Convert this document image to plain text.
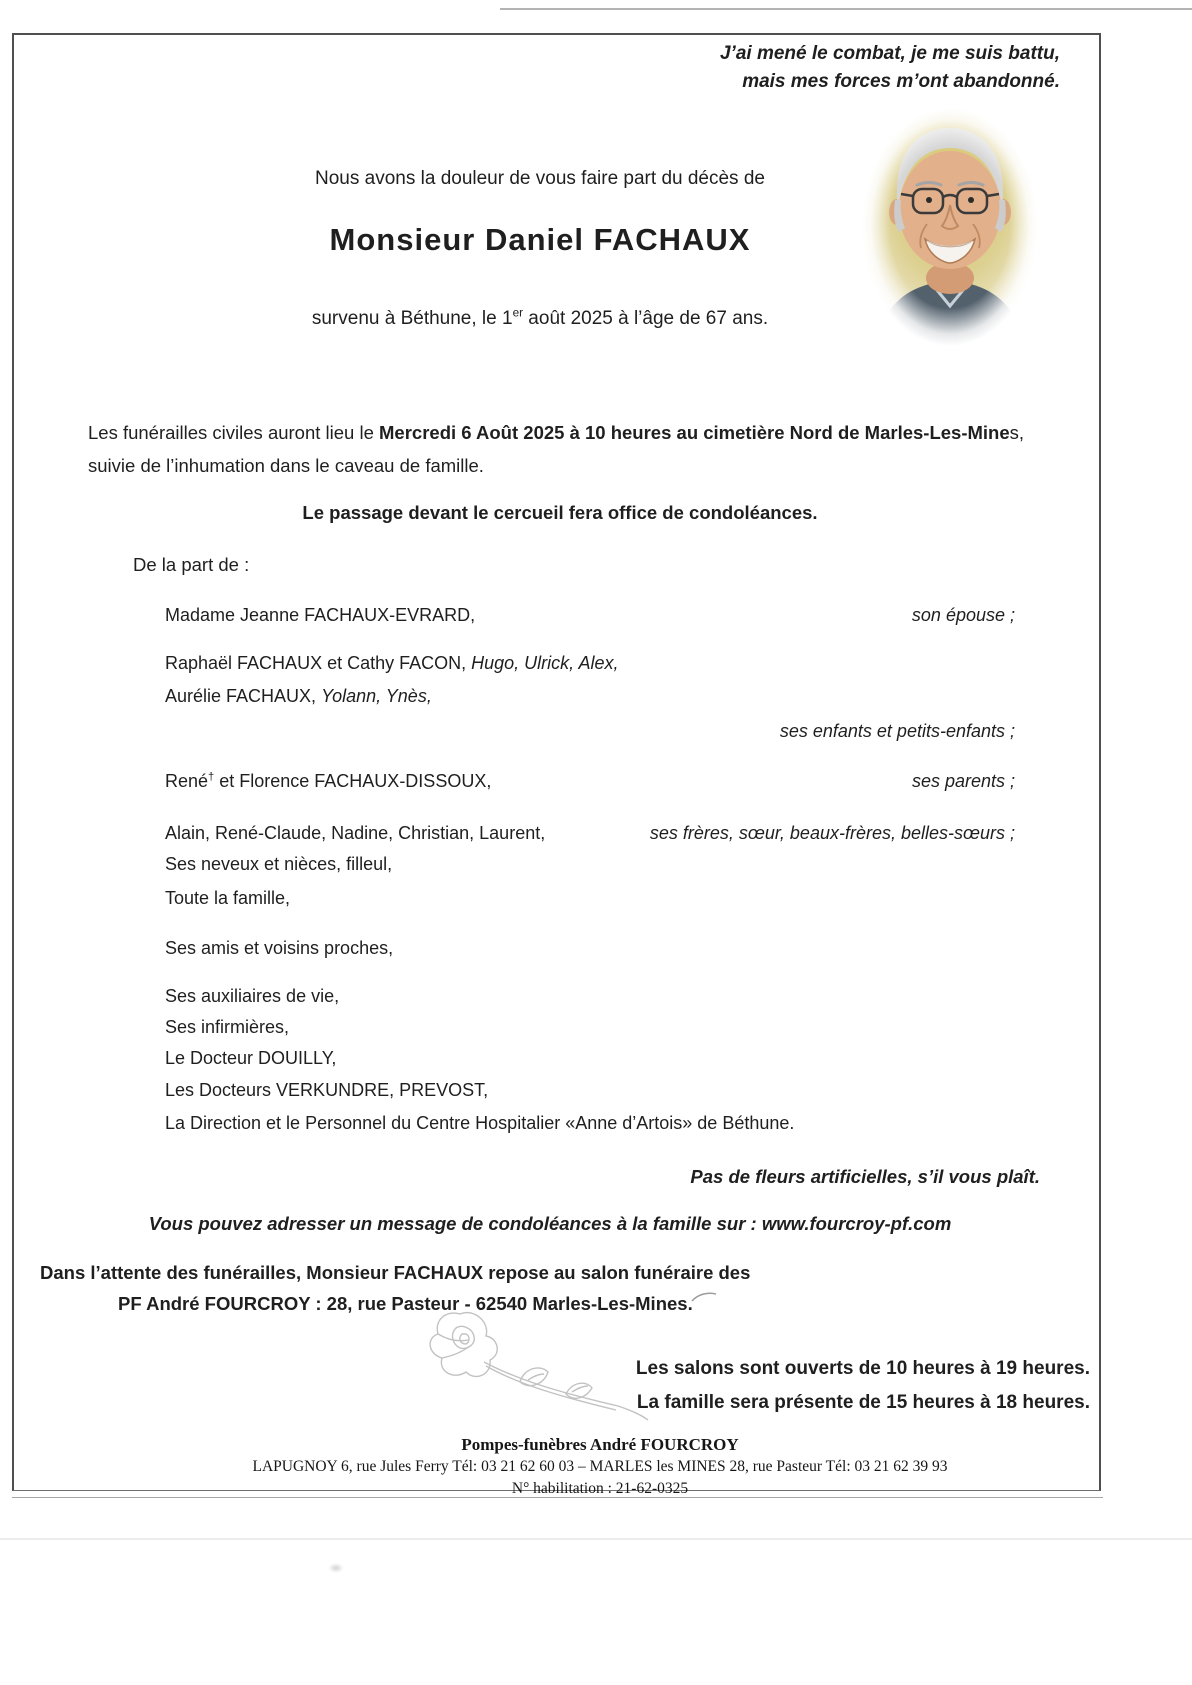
J’ai mené le combat, je me suis battu,
mais mes forces m’ont abandonné.
Nous avons la douleur de vous faire part du décès de
Monsieur Daniel FACHAUX
survenu à Béthune, le 1er août 2025 à l’âge de 67 ans.
Les funérailles civiles auront lieu le Mercredi 6 Août 2025 à 10 heures au cimetière Nord de Marles-Les-Mines,
suivie de l’inhumation dans le caveau de famille.
Le passage devant le cercueil fera office de condoléances.
De la part de :
Madame Jeanne FACHAUX-EVRARD,	son épouse ;
Raphaël FACHAUX et Cathy FACON, Hugo, Ulrick, Alex,
Aurélie FACHAUX, Yolann, Ynès,
ses enfants et petits-enfants ;
René† et Florence FACHAUX-DISSOUX,	ses parents ;
Alain, René-Claude, Nadine, Christian, Laurent,	ses frères, sœur, beaux-frères, belles-sœurs ;
Ses neveux et nièces, filleul,
Toute la famille,
Ses amis et voisins proches,
Ses auxiliaires de vie,
Ses infirmières,
Le Docteur DOUILLY,
Les Docteurs VERKUNDRE, PREVOST,
La Direction et le Personnel du Centre Hospitalier «Anne d’Artois» de Béthune.
Pas de fleurs artificielles, s’il vous plaît.
Vous pouvez adresser un message de condoléances à la famille sur : www.fourcroy-pf.com
Dans l’attente des funérailles, Monsieur FACHAUX repose au salon funéraire des
PF André FOURCROY : 28, rue Pasteur - 62540 Marles-Les-Mines.
Les salons sont ouverts de 10 heures à 19 heures.
La famille sera présente de 15 heures à 18 heures.
Pompes-funèbres André FOURCROY
LAPUGNOY 6, rue Jules Ferry Tél: 03 21 62 60 03 – MARLES les MINES 28, rue Pasteur Tél: 03 21 62 39 93
N° habilitation : 21-62-0325
